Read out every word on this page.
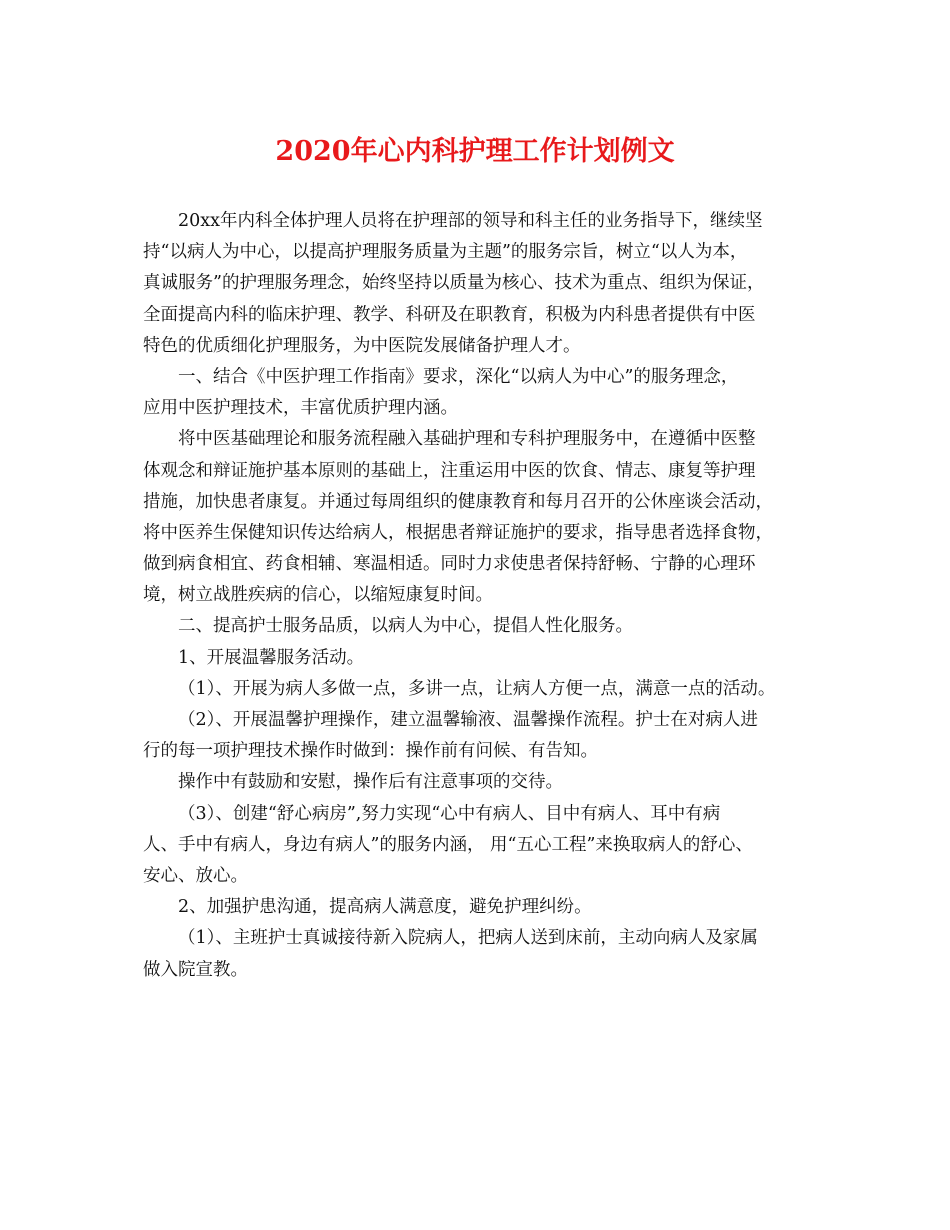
2020年心内科护理工作计划例文
20xx年内科全体护理人员将在护理部的领导和科主任的业务指导下，继续坚
持“以病人为中心，以提高护理服务质量为主题”的服务宗旨，树立“以人为本，
真诚服务”的护理服务理念，始终坚持以质量为核心、技术为重点、组织为保证，
全面提高内科的临床护理、教学、科研及在职教育，积极为内科患者提供有中医
特色的优质细化护理服务，为中医院发展储备护理人才。
一、结合《中医护理工作指南》要求，深化“以病人为中心”的服务理念，
应用中医护理技术，丰富优质护理内涵。
将中医基础理论和服务流程融入基础护理和专科护理服务中，在遵循中医整
体观念和辩证施护基本原则的基础上，注重运用中医的饮食、情志、康复等护理
措施，加快患者康复。并通过每周组织的健康教育和每月召开的公休座谈会活动，
将中医养生保健知识传达给病人，根据患者辩证施护的要求，指导患者选择食物，
做到病食相宜、药食相辅、寒温相适。同时力求使患者保持舒畅、宁静的心理环
境，树立战胜疾病的信心，以缩短康复时间。
二、提高护士服务品质，以病人为中心，提倡人性化服务。
1、开展温馨服务活动。
（1）、开展为病人多做一点，多讲一点，让病人方便一点，满意一点的活动。
（2）、开展温馨护理操作，建立温馨输液、温馨操作流程。护士在对病人进
行的每一项护理技术操作时做到：操作前有问候、有告知。
操作中有鼓励和安慰，操作后有注意事项的交待。
（3）、创建“舒心病房”,努力实现“心中有病人、目中有病人、耳中有病
人、手中有病人，身边有病人”的服务内涵， 用“五心工程”来换取病人的舒心、
安心、放心。
2、加强护患沟通，提高病人满意度，避免护理纠纷。
（1）、主班护士真诚接待新入院病人，把病人送到床前，主动向病人及家属
做入院宣教。
